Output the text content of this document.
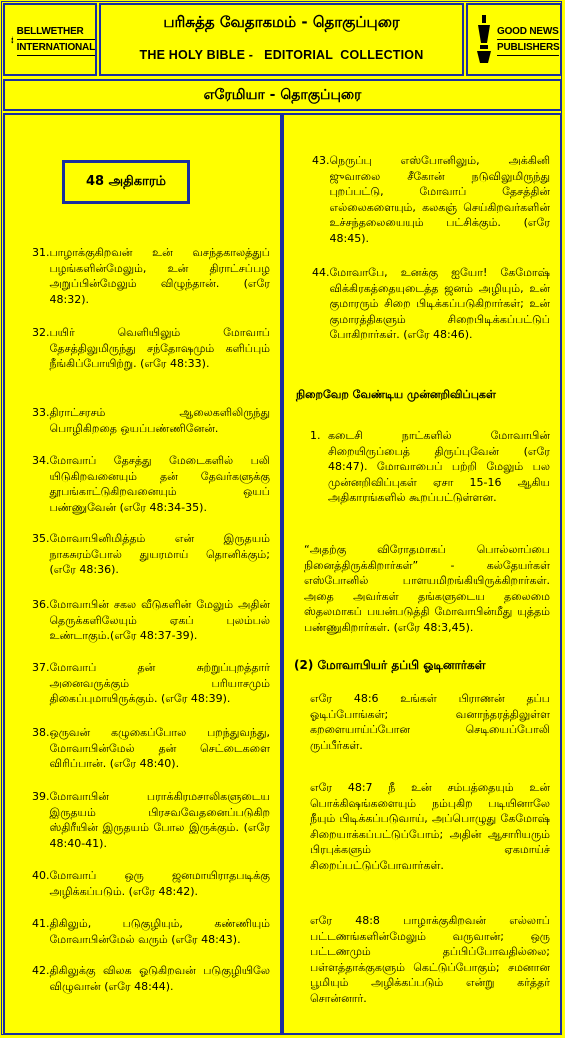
BELLWETHER
INTERNATIONAL
பரிசுத்த வேதாகமம் - தொகுப்புரை
THE HOLY BIBLE -   EDITORIAL  COLLECTION
GOOD NEWS
PUBLISHERS
எரேமியா - தொகுப்புரை
48 அதிகாரம்
31. பாழாக்குகிறவன் உன் வசந்தகாலத்துப் பழங்களின்மேலும், உன் திராட்சப்பழ அறுப்பின்மேலும் விழுந்தான். (எரே 48:32).
32. பயிர் வெளியிலும் மோவாப் தேசத்திலுமிருந்து சந்தோஷமும் களிப்பும் நீங்கிப்போயிற்று. (எரே 48:33).
33. திராட்சரசம் ஆலைகளிலிருந்து பொழிகிறதை ஒயப்பண்ணினேன்.
34. மோவாப் தேசத்து மேடைகளில் பலி யிடுகிறவனையும் தன் தேவர்களுக்கு தூபங்காட்டுகிறவனையும் ஒயப் பண்ணுவேன் (எரே 48:34-35).
35. மோவாபினிமித்தம் என் இருதயம் நாகசுரம்போல் துயரமாய் தொனிக்கும்; (எரே 48:36).
36. மோவாபின் சகல வீடுகளின் மேலும் அதின் தெருக்களிலேயும் ஏகப் புலம்பல் உண்டாகும்.(எரே 48:37-39).
37. மோவாப் தன் சுற்றுப்புறத்தார் அனைவருக்கும் பரியாசமும் திகைப்புமாயிருக்கும். (எரே 48:39).
38. ஒருவன் கழுகைப்போல பறந்துவந்து, மோவாபின்மேல் தன் செட்டைகளை விரிப்பான். (எரே 48:40).
39. மோவாபின் பராக்கிரமசாலிகளுடைய இருதயம் பிரசவவேதனைப்படுகிற ஸ்திரீயின் இருதயம் போல இருக்கும். (எரே 48:40-41).
40. மோவாப் ஒரு ஜனமாயிராதபடிக்கு அழிக்கப்படும். (எரே 48:42).
41. திகிலும், படுகுழியும், கண்ணியும் மோவாபின்மேல் வரும் (எரே 48:43).
42. திகிலுக்கு விலக ஓடுகிறவன் படுகுழியிலே விழுவான் (எரே 48:44).
43. நெருப்பு எஸ்போனிலும், அக்கினி ஜுவாலை சீகோன் நடுவிலுமிருந்து புறப்பட்டு, மோவாப் தேசத்தின் எல்லைகளையும், கலகஞ் செய்கிறவர்களின் உச்சந்தலையையும் பட்சிக்கும். (எரே 48:45).
44. மோவாபே, உனக்கு ஐயோ! கேமோஷ் விக்கிரகத்தையுடைத்த ஜனம் அழியும், உன் குமாரரும் சிறை பிடிக்கப்படுகிறார்கள்; உன் குமாரத்திகளும் சிறைபிடிக்கப்பட்டுப் போகிறார்கள். (எரே 48:46).
நிறைவேற வேண்டிய முன்னறிவிப்புகள்
1. கடைசி நாட்களில் மோவாபின் சிறையிருப்பைத் திருப்புவேன் (எரே 48:47). மோவாபைப் பற்றி மேலும் பல முன்னறிவிப்புகள் ஏசா 15-16 ஆகிய அதிகாரங்களில் கூறப்பட்டுள்ளன.
“அதற்கு விரோதமாகப் பொல்லாப்பை நினைத்திருக்கிறார்கள்” - கல்தேயர்கள் எஸ்போனில் பாளயமிறங்கியிருக்கிறார்கள். அதை அவர்கள் தங்களுடைய தலைமை ஸ்தலமாகப் பயன்படுத்தி மோவாபின்மீது யுத்தம் பண்ணுகிறார்கள். (எரே 48:3,45).
(2) மோவாபியர் தப்பி ஓடினார்கள்
எரே 48:6 உங்கள் பிராணன் தப்ப ஓடிப்போங்கள்; வனாந்தரத்திலுள்ள கறளையாய்ப்போன செடியைப்போலி ருப்பீர்கள்.
எரே 48:7 நீ உன் சம்பத்தையும் உன் பொக்கிஷங்களையும் நம்புகிற படியினாலே நீயும் பிடிக்கப்படுவாய், அப்பொழுது கேமோஷ் சிறையாக்கப்பட்டுப்போம்; அதின் ஆசாரியரும் பிரபுக்களும் ஏகமாய்ச் சிறைப்பட்டுப்போவார்கள்.
எரே 48:8 பாழாக்குகிறவன் எல்லாப் பட்டணங்களின்மேலும் வருவான்; ஒரு பட்டணமும் தப்பிப்போவதில்லை; பள்ளத்தாக்குகளும் கெட்டுப்போகும்; சமனான பூமியும் அழிக்கப்படும் என்று கர்த்தர் சொன்னார்.
